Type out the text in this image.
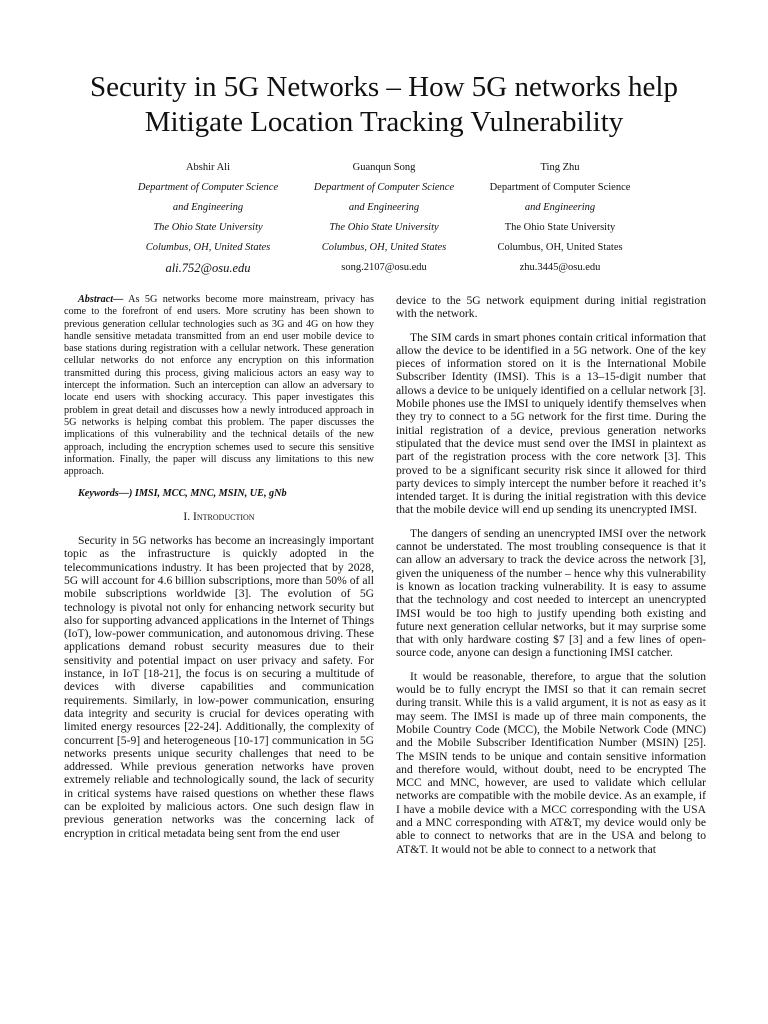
Security in 5G Networks – How 5G networks help
Mitigate Location Tracking Vulnerability
Abshir Ali
Department of Computer Science
and Engineering
The Ohio State University
Columbus, OH, United States
ali.752@osu.edu
Guanqun Song
Department of Computer Science
and Engineering
The Ohio State University
Columbus, OH, United States
song.2107@osu.edu
Ting Zhu
Department of Computer Science
and Engineering
The Ohio State University
Columbus, OH, United States
zhu.3445@osu.edu

Abstract— As 5G networks become more mainstream, privacy has come to the forefront of end users. More scrutiny has been shown to previous generation cellular technologies such as 3G and 4G on how they handle sensitive metadata transmitted from an end user mobile device to base stations during registration with a cellular network. These generation cellular networks do not enforce any encryption on this information transmitted during this process, giving malicious actors an easy way to intercept the information. Such an interception can allow an adversary to locate end users with shocking accuracy. This paper investigates this problem in great detail and discusses how a newly introduced approach in 5G networks is helping combat this problem. The paper discusses the implications of this vulnerability and the technical details of the new approach, including the encryption schemes used to secure this sensitive information. Finally, the paper will discuss any limitations to this new approach.

Keywords—) IMSI, MCC, MNC, MSIN, UE, gNb

I. Introduction

Security in 5G networks has become an increasingly important topic as the infrastructure is quickly adopted in the telecommunications industry. It has been projected that by 2028, 5G will account for 4.6 billion subscriptions, more than 50% of all mobile subscriptions worldwide [3]. The evolution of 5G technology is pivotal not only for enhancing network security but also for supporting advanced applications in the Internet of Things (IoT), low-power communication, and autonomous driving. These applications demand robust security measures due to their sensitivity and potential impact on user privacy and safety. For instance, in IoT [18-21], the focus is on securing a multitude of devices with diverse capabilities and communication requirements. Similarly, in low-power communication, ensuring data integrity and security is crucial for devices operating with limited energy resources [22-24]. Additionally, the complexity of concurrent [5-9] and heterogeneous [10-17] communication in 5G networks presents unique security challenges that need to be addressed. While previous generation networks have proven extremely reliable and technologically sound, the lack of security in critical systems have raised questions on whether these flaws can be exploited by malicious actors. One such design flaw in previous generation networks was the concerning lack of encryption in critical metadata being sent from the end user

device to the 5G network equipment during initial registration with the network.

The SIM cards in smart phones contain critical information that allow the device to be identified in a 5G network. One of the key pieces of information stored on it is the International Mobile Subscriber Identity (IMSI). This is a 13–15-digit number that allows a device to be uniquely identified on a cellular network [3]. Mobile phones use the IMSI to uniquely identify themselves when they try to connect to a 5G network for the first time. During the initial registration of a device, previous generation networks stipulated that the device must send over the IMSI in plaintext as part of the registration process with the core network [3]. This proved to be a significant security risk since it allowed for third party devices to simply intercept the number before it reached it’s intended target. It is during the initial registration with this device that the mobile device will end up sending its unencrypted IMSI.

The dangers of sending an unencrypted IMSI over the network cannot be understated. The most troubling consequence is that it can allow an adversary to track the device across the network [3], given the uniqueness of the number – hence why this vulnerability is known as location tracking vulnerability. It is easy to assume that the technology and cost needed to intercept an unencrypted IMSI would be too high to justify upending both existing and future next generation cellular networks, but it may surprise some that with only hardware costing $7 [3] and a few lines of open-source code, anyone can design a functioning IMSI catcher.

It would be reasonable, therefore, to argue that the solution would be to fully encrypt the IMSI so that it can remain secret during transit. While this is a valid argument, it is not as easy as it may seem. The IMSI is made up of three main components, the Mobile Country Code (MCC), the Mobile Network Code (MNC) and the Mobile Subscriber Identification Number (MSIN) [25]. The MSIN tends to be unique and contain sensitive information and therefore would, without doubt, need to be encrypted The MCC and MNC, however, are used to validate which cellular networks are compatible with the mobile device. As an example, if I have a mobile device with a MCC corresponding with the USA and a MNC corresponding with AT&T, my device would only be able to connect to networks that are in the USA and belong to AT&T. It would not be able to connect to a network that
